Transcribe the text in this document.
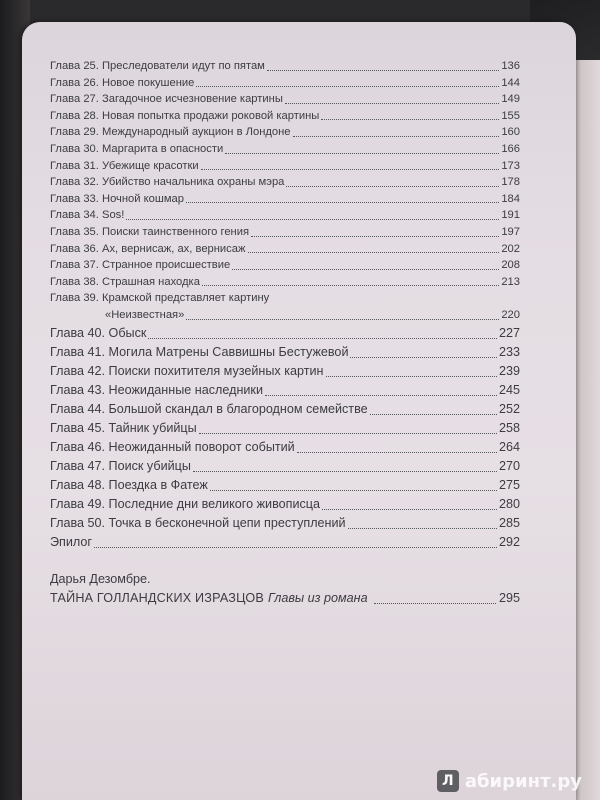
Глава 25. Преследователи идут по пятам	136
Глава 26. Новое покушение	144
Глава 27. Загадочное исчезновение картины	149
Глава 28. Новая попытка продажи роковой картины	155
Глава 29. Международный аукцион в Лондоне	160
Глава 30. Маргарита в опасности	166
Глава 31. Убежище красотки	173
Глава 32. Убийство начальника охраны мэра	178
Глава 33. Ночной кошмар	184
Глава 34. Sos!	191
Глава 35. Поиски таинственного гения	197
Глава 36. Ах, вернисаж, ах, вернисаж	202
Глава 37. Странное происшествие	208
Глава 38. Страшная находка	213
Глава 39. Крамской представляет картину
«Неизвестная»	220
Глава 40. Обыск	227
Глава 41. Могила Матрены Саввишны Бестужевой	233
Глава 42. Поиски похитителя музейных картин	239
Глава 43. Неожиданные наследники	245
Глава 44. Большой скандал в благородном семействе	252
Глава 45. Тайник убийцы	258
Глава 46. Неожиданный поворот событий	264
Глава 47. Поиск убийцы	270
Глава 48. Поездка в Фатеж	275
Глава 49. Последние дни великого живописца	280
Глава 50. Точка в бесконечной цепи преступлений	285
Эпилог	292
Дарья Дезомбре.
ТАЙНА ГОЛЛАНДСКИХ ИЗРАЗЦОВ Главы из романа	295
Л абиринт.ру
